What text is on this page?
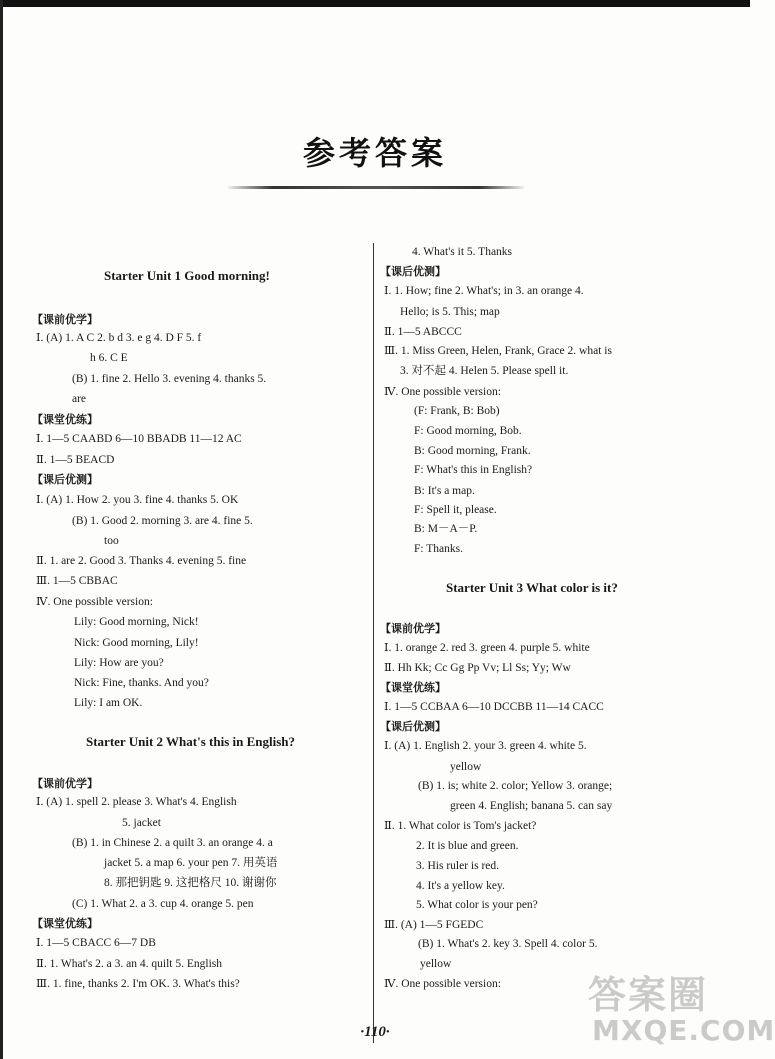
参考答案
Starter Unit 1 Good morning!
【课前优学】
Ⅰ. (A) 1. A C 2. b d 3. e g 4. D F 5. f
h 6. C E
(B) 1. fine 2. Hello 3. evening 4. thanks 5.
are
【课堂优练】
Ⅰ. 1—5 CAABD 6—10 BBADB 11—12 AC
Ⅱ. 1—5 BEACD
【课后优测】
Ⅰ. (A) 1. How 2. you 3. fine 4. thanks 5. OK
(B) 1. Good 2. morning 3. are 4. fine 5.
too
Ⅱ. 1. are 2. Good 3. Thanks 4. evening 5. fine
Ⅲ. 1—5 CBBAC
Ⅳ. One possible version:
Lily: Good morning, Nick!
Nick: Good morning, Lily!
Lily: How are you?
Nick: Fine, thanks. And you?
Lily: I am OK.
Starter Unit 2 What's this in English?
【课前优学】
Ⅰ. (A) 1. spell 2. please 3. What's 4. English
5. jacket
(B) 1. in Chinese 2. a quilt 3. an orange 4. a
jacket 5. a map 6. your pen 7. 用英语
8. 那把钥匙 9. 这把格尺 10. 谢谢你
(C) 1. What 2. a 3. cup 4. orange 5. pen
【课堂优练】
Ⅰ. 1—5 CBACC 6—7 DB
Ⅱ. 1. What's 2. a 3. an 4. quilt 5. English
Ⅲ. 1. fine, thanks 2. I'm OK. 3. What's this?
4. What's it 5. Thanks
【课后优测】
Ⅰ. 1. How; fine 2. What's; in 3. an orange 4.
Hello; is 5. This; map
Ⅱ. 1—5 ABCCC
Ⅲ. 1. Miss Green, Helen, Frank, Grace 2. what is
3. 对不起 4. Helen 5. Please spell it.
Ⅳ. One possible version:
(F: Frank, B: Bob)
F: Good morning, Bob.
B: Good morning, Frank.
F: What's this in English?
B: It's a map.
F: Spell it, please.
B: M－A－P.
F: Thanks.
Starter Unit 3 What color is it?
【课前优学】
Ⅰ. 1. orange 2. red 3. green 4. purple 5. white
Ⅱ. Hh Kk; Cc Gg Pp Vv; Ll Ss; Yy; Ww
【课堂优练】
Ⅰ. 1—5 CCBAA 6—10 DCCBB 11—14 CACC
【课后优测】
Ⅰ. (A) 1. English 2. your 3. green 4. white 5.
yellow
(B) 1. is; white 2. color; Yellow 3. orange;
green 4. English; banana 5. can say
Ⅱ. 1. What color is Tom's jacket?
2. It is blue and green.
3. His ruler is red.
4. It's a yellow key.
5. What color is your pen?
Ⅲ. (A) 1—5 FGEDC
(B) 1. What's 2. key 3. Spell 4. color 5.
yellow
Ⅳ. One possible version:
·110·
答案圈
MXQE.COM
